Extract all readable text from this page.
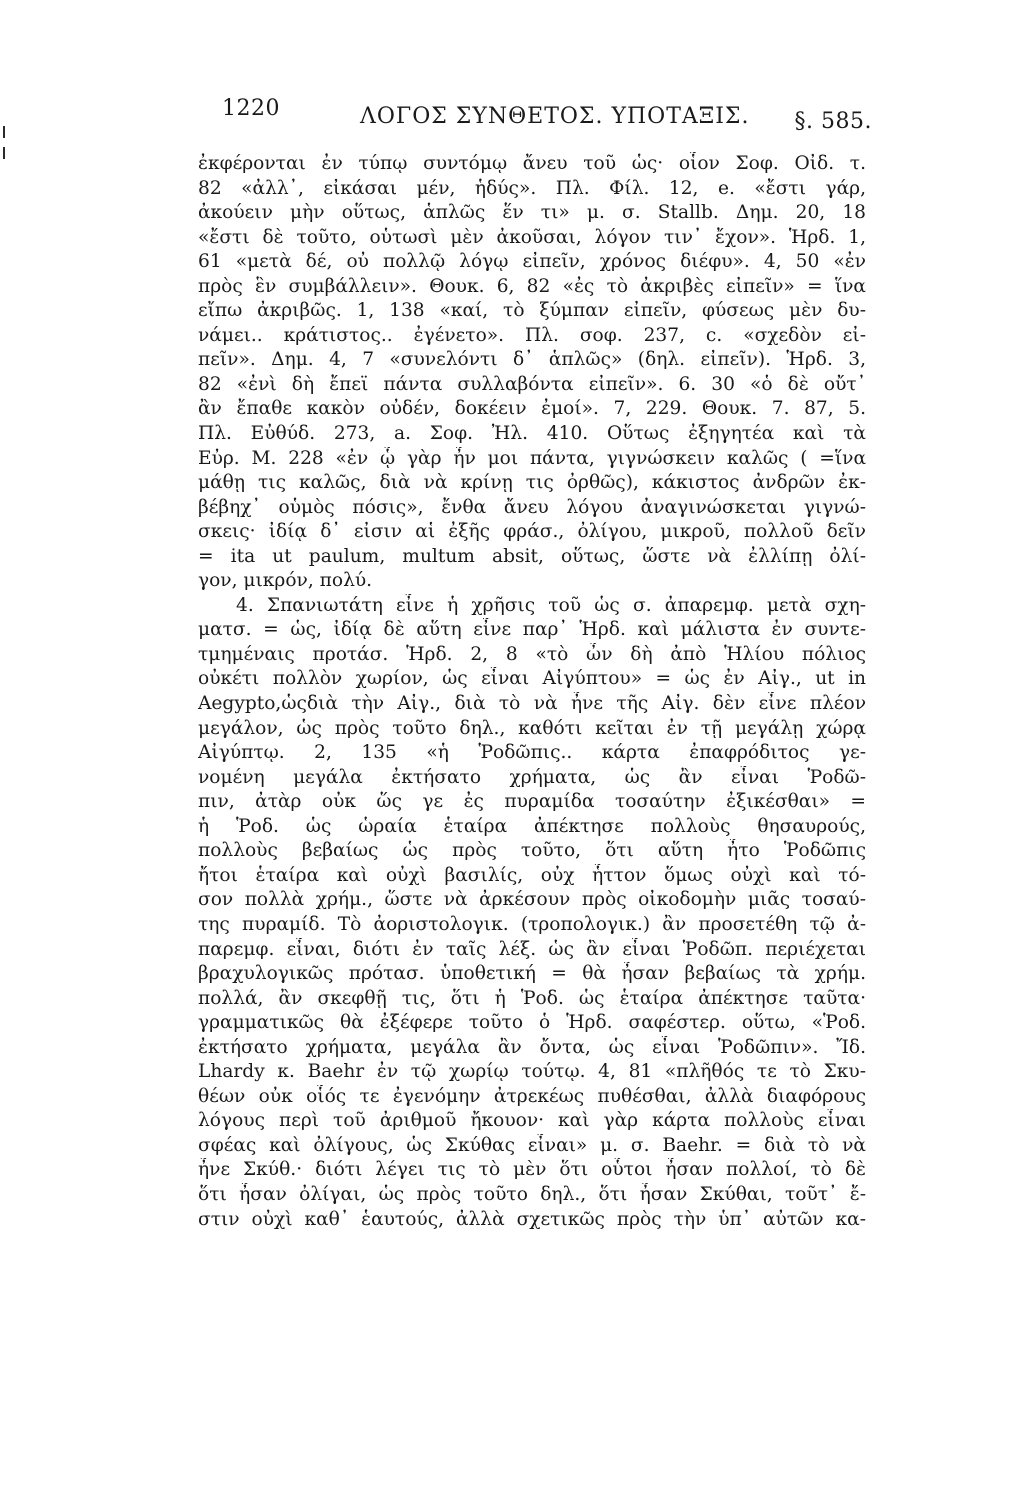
1220	ΛΟΓΟΣ ΣΥΝΘΕΤΟΣ. ΥΠΟΤΑΞΙΣ. §. 585.
ἐκφέρονται ἐν τύπῳ συντόμῳ ἄνευ τοῦ ὡς· οἷον Σοφ. Οἰδ. τ.
82 «ἀλλ᾽, εἰκάσαι μέν, ἡδύς». Πλ. Φίλ. 12, e. «ἔστι γάρ,
ἀκούειν μὴν οὕτως, ἁπλῶς ἕν τι» μ. σ. Stallb. Δημ. 20, 18
«ἔστι δὲ τοῦτο, οὑτωσὶ μὲν ἀκοῦσαι, λόγον τιν᾽ ἔχον». Ἡρδ. 1,
61 «μετὰ δέ, οὐ πολλῷ λόγῳ εἰπεῖν, χρόνος διέφυ». 4, 50 «ἐν
πρὸς ἓν συμβάλλειν». Θουκ. 6, 82 «ἐς τὸ ἀκριβὲς εἰπεῖν» = ἵνα
εἴπω ἀκριβῶς. 1, 138 «καί, τὸ ξύμπαν εἰπεῖν, φύσεως μὲν δυ-
νάμει.. κράτιστος.. ἐγένετο». Πλ. σοφ. 237, c. «σχεδὸν εἰ-
πεῖν». Δημ. 4, 7 «συνελόντι δ᾽ ἁπλῶς» (δηλ. εἰπεῖν). Ἡρδ. 3,
82 «ἐνὶ δὴ ἔπεϊ πάντα συλλαβόντα εἰπεῖν». 6. 30 «ὁ δὲ οὔτ᾽
ἂν ἔπαθε κακὸν οὐδέν, δοκέειν ἐμοί». 7, 229. Θουκ. 7. 87, 5.
Πλ. Εὐθύδ. 273, a. Σοφ. Ἠλ. 410. Οὕτως ἐξηγητέα καὶ τὰ
Εὐρ. Μ. 228 «ἐν ᾧ γὰρ ἦν μοι πάντα, γιγνώσκειν καλῶς ( =ἵνα
μάθῃ τις καλῶς, διὰ νὰ κρίνῃ τις ὀρθῶς), κάκιστος ἀνδρῶν ἐκ-
βέβηχ᾽ οὑμὸς πόσις», ἔνθα ἄνευ λόγου ἀναγινώσκεται γιγνώ-
σκεις· ἰδίᾳ δ᾽ εἰσιν αἱ ἐξῆς φράσ., ὀλίγου, μικροῦ, πολλοῦ δεῖν
= ita ut paulum, multum absit, οὕτως, ὥστε νὰ ἐλλίπῃ ὀλί-
γον, μικρόν, πολύ.
4. Σπανιωτάτη εἶνε ἡ χρῆσις τοῦ ὡς σ. ἀπαρεμφ. μετὰ σχη-
ματσ. = ὡς, ἰδίᾳ δὲ αὕτη εἶνε παρ᾽ Ἡρδ. καὶ μάλιστα ἐν συντε-
τμημέναις προτάσ. Ἡρδ. 2, 8 «τὸ ὦν δὴ ἀπὸ Ἡλίου πόλιος
οὐκέτι πολλὸν χωρίον, ὡς εἶναι Αἰγύπτου» = ὡς ἐν Αἰγ., ut in
Aegypto,ὡςδιὰ τὴν Αἰγ., διὰ τὸ νὰ ἦνε τῆς Αἰγ. δὲν εἶνε πλέον
μεγάλον, ὡς πρὸς τοῦτο δηλ., καθότι κεῖται ἐν τῇ μεγάλῃ χώρᾳ
Αἰγύπτῳ. 2, 135 «ἡ Ῥοδῶπις.. κάρτα ἐπαφρόδιτος γε-
νομένη μεγάλα ἐκτήσατο χρήματα, ὡς ἂν εἶναι Ῥοδῶ-
πιν, ἀτὰρ οὐκ ὥς γε ἐς πυραμίδα τοσαύτην ἐξικέσθαι» =
ἡ Ῥοδ. ὡς ὡραία ἑταίρα ἀπέκτησε πολλοὺς θησαυρούς,
πολλοὺς βεβαίως ὡς πρὸς τοῦτο, ὅτι αὕτη ἦτο Ῥοδῶπις
ἤτοι ἑταίρα καὶ οὐχὶ βασιλίς, οὐχ ἧττον ὅμως οὐχὶ καὶ τό-
σον πολλὰ χρήμ., ὥστε νὰ ἀρκέσουν πρὸς οἰκοδομὴν μιᾶς τοσαύ-
της πυραμίδ. Τὸ ἀοριστολογικ. (τροπολογικ.) ἂν προσετέθη τῷ ἀ-
παρεμφ. εἶναι, διότι ἐν ταῖς λέξ. ὡς ἂν εἶναι Ῥοδῶπ. περιέχεται
βραχυλογικῶς πρότασ. ὑποθετική = θὰ ἦσαν βεβαίως τὰ χρήμ.
πολλά, ἂν σκεφθῇ τις, ὅτι ἡ Ῥοδ. ὡς ἑταίρα ἀπέκτησε ταῦτα·
γραμματικῶς θὰ ἐξέφερε τοῦτο ὁ Ἡρδ. σαφέστερ. οὕτω, «Ῥοδ.
ἐκτήσατο χρήματα, μεγάλα ἂν ὄντα, ὡς εἶναι Ῥοδῶπιν». Ἴδ.
Lhardy κ. Baehr ἐν τῷ χωρίῳ τούτῳ. 4, 81 «πλῆθός τε τὸ Σκυ-
θέων οὐκ οἷός τε ἐγενόμην ἀτρεκέως πυθέσθαι, ἀλλὰ διαφόρους
λόγους περὶ τοῦ ἀριθμοῦ ἤκουον· καὶ γὰρ κάρτα πολλοὺς εἶναι
σφέας καὶ ὀλίγους, ὡς Σκύθας εἶναι» μ. σ. Baehr. = διὰ τὸ νὰ
ἦνε Σκύθ.· διότι λέγει τις τὸ μὲν ὅτι οὗτοι ἦσαν πολλοί, τὸ δὲ
ὅτι ἦσαν ὀλίγαι, ὡς πρὸς τοῦτο δηλ., ὅτι ἦσαν Σκύθαι, τοῦτ᾽ ἔ-
στιν οὐχὶ καθ᾽ ἑαυτούς, ἀλλὰ σχετικῶς πρὸς τὴν ὑπ᾽ αὐτῶν κα-
